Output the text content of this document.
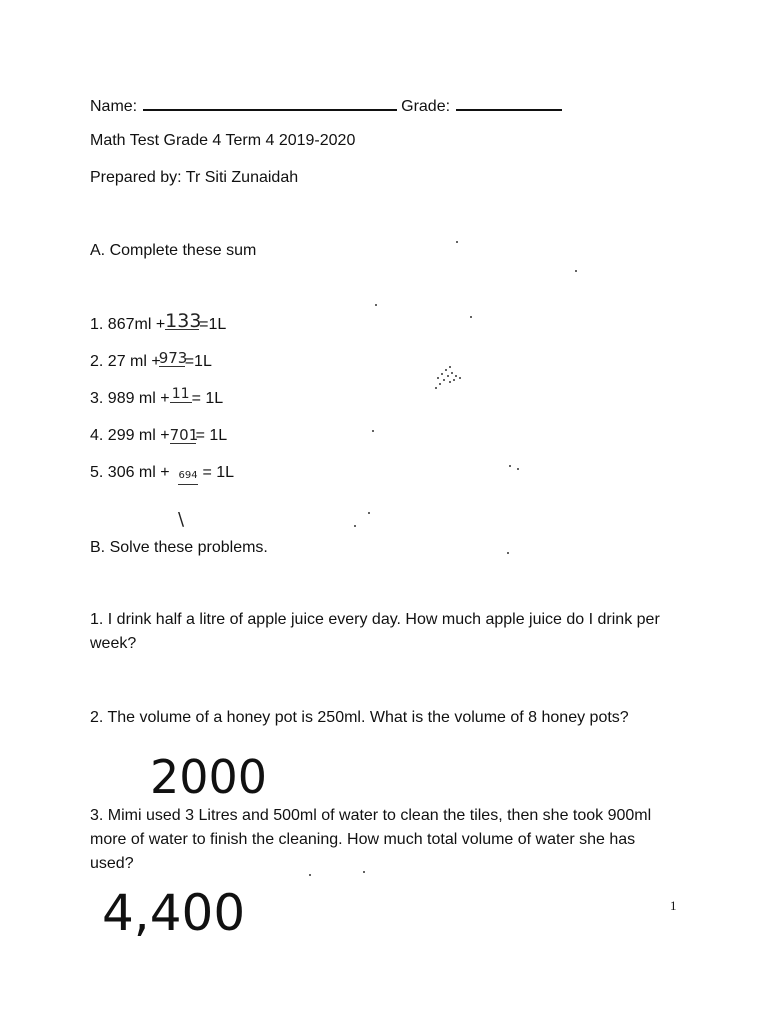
Name:	Grade:
Math Test Grade 4 Term 4 2019-2020
Prepared by: Tr Siti Zunaidah
A. Complete these sum
1. 867ml +133=1L
2. 27 ml +973=1L
3. 989 ml + 11 = 1L
4. 299 ml +701= 1L
5. 306 ml + 694 = 1L
\
B. Solve these problems.
1. I drink half a litre of apple juice every day. How much apple juice do I drink per week?
2. The volume of a honey pot is 250ml. What is the volume of 8 honey pots?
2000
3. Mimi used 3 Litres and 500ml of water to clean the tiles, then she took 900ml more of water to finish the cleaning. How much total volume of water she has used?
4,400	1
